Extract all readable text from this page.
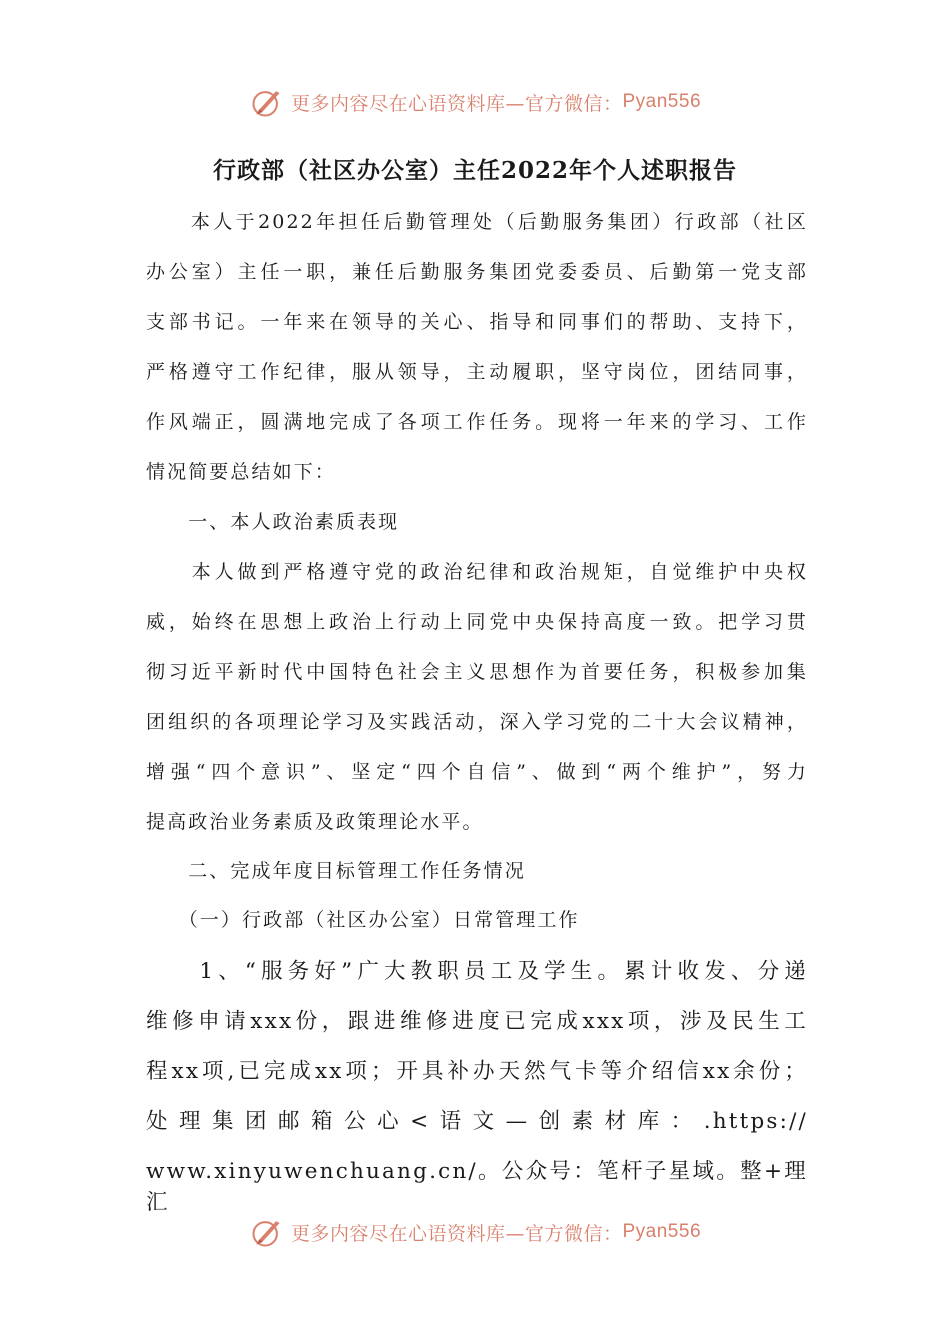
更多内容尽在心语资料库—官方微信： Pyan556
行政部（社区办公室）主任2022年个人述职报告
　　本人于2022年担任后勤管理处（后勤服务集团）行政部（社区
办公室）主任一职，兼任后勤服务集团党委委员、后勤第一党支部
支部书记。一年来在领导的关心、指导和同事们的帮助、支持下，
严格遵守工作纪律，服从领导，主动履职，坚守岗位，团结同事，
作风端正，圆满地完成了各项工作任务。现将一年来的学习、工作
情况简要总结如下：
　　一、本人政治素质表现
　　本人做到严格遵守党的政治纪律和政治规矩，自觉维护中央权
威，始终在思想上政治上行动上同党中央保持高度一致。把学习贯
彻习近平新时代中国特色社会主义思想作为首要任务，积极参加集
团组织的各项理论学习及实践活动，深入学习党的二十大会议精神，
增强“四个意识”、坚定“四个自信”、做到“两个维护”，努力
提高政治业务素质及政策理论水平。
　　二、完成年度目标管理工作任务情况
　　（一）行政部（社区办公室）日常管理工作
　　1、“服务好”广大教职员工及学生。累计收发、分递
维修申请xxx份，跟进维修进度已完成xxx项，涉及民生工
程xx项,已完成xx项；开具补办天然气卡等介绍信xx余份；
处理集团邮箱公心<语文—创素材库：.https://
www.xinyuwenchuang.cn/。公众号：笔杆子星域。整+理汇
更多内容尽在心语资料库—官方微信： Pyan556
